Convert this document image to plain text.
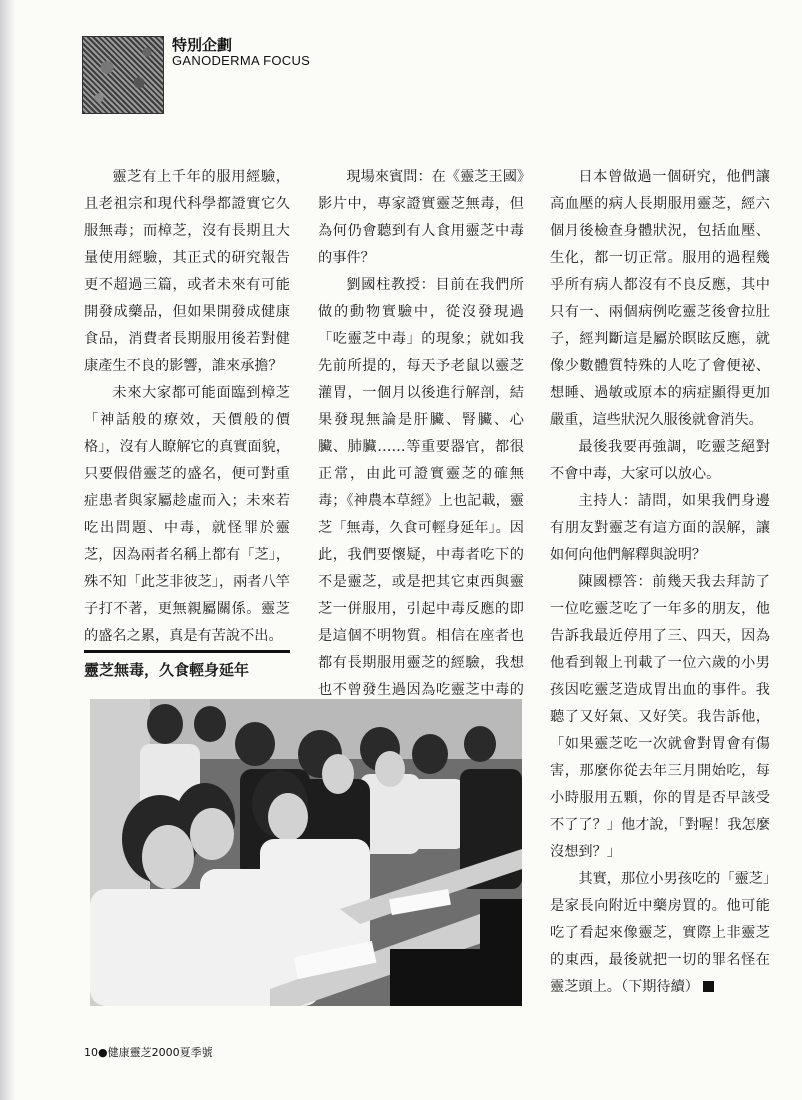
特別企劃
GANODERMA FOCUS

靈芝有上千年的服用經驗，且老祖宗和現代科學都證實它久服無毒；而樟芝，沒有長期且大量使用經驗，其正式的研究報告更不超過三篇，或者未來有可能開發成藥品，但如果開發成健康食品，消費者長期服用後若對健康產生不良的影響，誰來承擔？

未來大家都可能面臨到樟芝「神話般的療效，天價般的價格」，沒有人瞭解它的真實面貌，只要假借靈芝的盛名，便可對重症患者與家屬趁虛而入；未來若吃出問題、中毒，就怪罪於靈芝，因為兩者名稱上都有「芝」，殊不知「此芝非彼芝」，兩者八竿子打不著，更無親屬關係。靈芝的盛名之累，真是有苦說不出。

靈芝無毒，久食輕身延年

現場來賓問：在《靈芝王國》影片中，專家證實靈芝無毒，但為何仍會聽到有人食用靈芝中毒的事件？

劉國柱教授：目前在我們所做的動物實驗中，從沒發現過「吃靈芝中毒」的現象；就如我先前所提的，每天予老鼠以靈芝灌胃，一個月以後進行解剖，結果發現無論是肝臟、腎臟、心臟、肺臟……等重要器官，都很正常，由此可證實靈芝的確無毒；《神農本草經》上也記載，靈芝「無毒，久食可輕身延年」。因此，我們要懷疑，中毒者吃下的不是靈芝，或是把其它東西與靈芝一併服用，引起中毒反應的即是這個不明物質。相信在座者也都有長期服用靈芝的經驗，我想也不曾發生過因為吃靈芝中毒的

日本曾做過一個研究，他們讓高血壓的病人長期服用靈芝，經六個月後檢查身體狀況，包括血壓、生化，都一切正常。服用的過程幾乎所有病人都沒有不良反應，其中只有一、兩個病例吃靈芝後會拉肚子，經判斷這是屬於瞑眩反應，就像少數體質特殊的人吃了會便祕、想睡、過敏或原本的病症顯得更加嚴重，這些狀況久服後就會消失。

最後我要再強調，吃靈芝絕對不會中毒，大家可以放心。

主持人：請問，如果我們身邊有朋友對靈芝有這方面的誤解，讓如何向他們解釋與說明？

陳國標答：前幾天我去拜訪了一位吃靈芝吃了一年多的朋友，他告訴我最近停用了三、四天，因為他看到報上刊載了一位六歲的小男孩因吃靈芝造成胃出血的事件。我聽了又好氣、又好笑。我告訴他，「如果靈芝吃一次就會對胃會有傷害，那麼你從去年三月開始吃，每小時服用五顆，你的胃是否早該受不了了？」他才說，「對喔！我怎麼沒想到？」

其實，那位小男孩吃的「靈芝」是家長向附近中藥房買的。他可能吃了看起來像靈芝，實際上非靈芝的東西，最後就把一切的罪名怪在靈芝頭上。（下期待續）

10●健康靈芝2000夏季號
